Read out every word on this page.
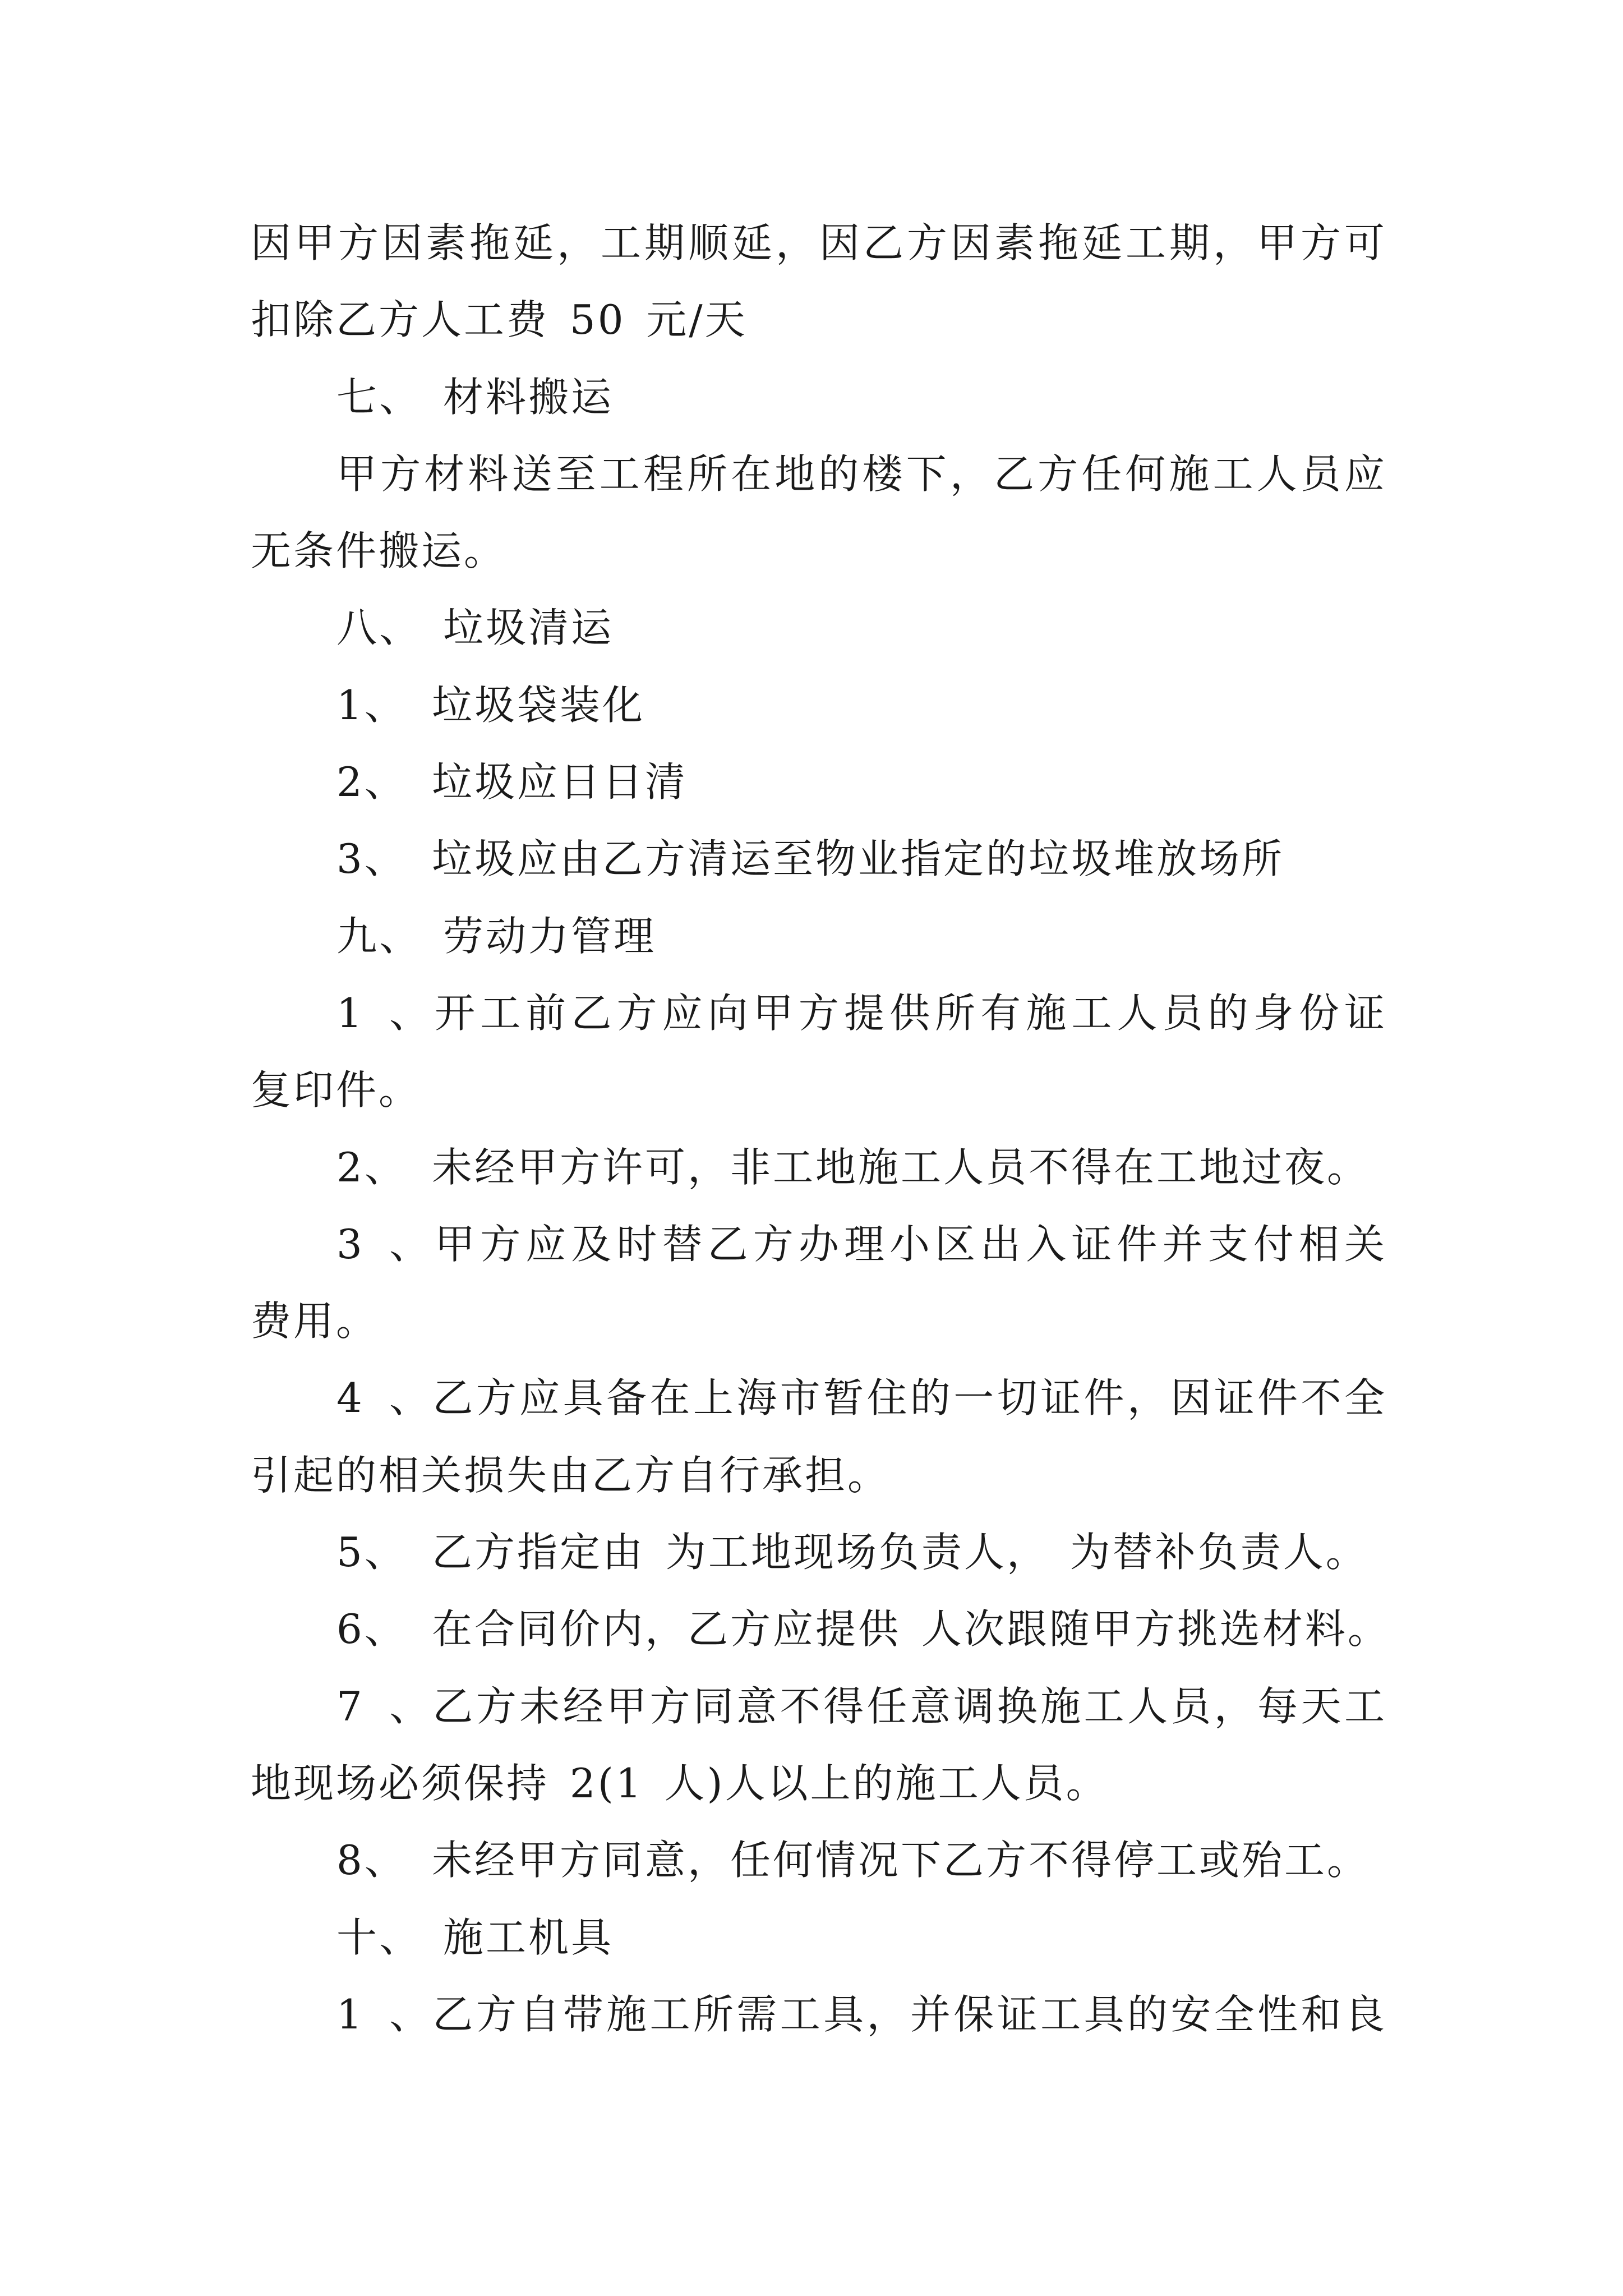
因甲方因素拖延，工期顺延，因乙方因素拖延工期，甲方可
扣除乙方人工费 50 元/天
七、 材料搬运
甲方材料送至工程所在地的楼下，乙方任何施工人员应
无条件搬运。
八、 垃圾清运
1、 垃圾袋装化
2、 垃圾应日日清
3、 垃圾应由乙方清运至物业指定的垃圾堆放场所
九、 劳动力管理
1、开工前乙方应向甲方提供所有施工人员的身份证
复印件。
2、 未经甲方许可，非工地施工人员不得在工地过夜。
3、甲方应及时替乙方办理小区出入证件并支付相关
费用。
4、乙方应具备在上海市暂住的一切证件，因证件不全
引起的相关损失由乙方自行承担。
5、 乙方指定由 为工地现场负责人， 为替补负责人。
6、 在合同价内，乙方应提供 人次跟随甲方挑选材料。
7、乙方未经甲方同意不得任意调换施工人员，每天工
地现场必须保持 2(1 人)人以上的施工人员。
8、 未经甲方同意，任何情况下乙方不得停工或殆工。
十、 施工机具
1、乙方自带施工所需工具，并保证工具的安全性和良
